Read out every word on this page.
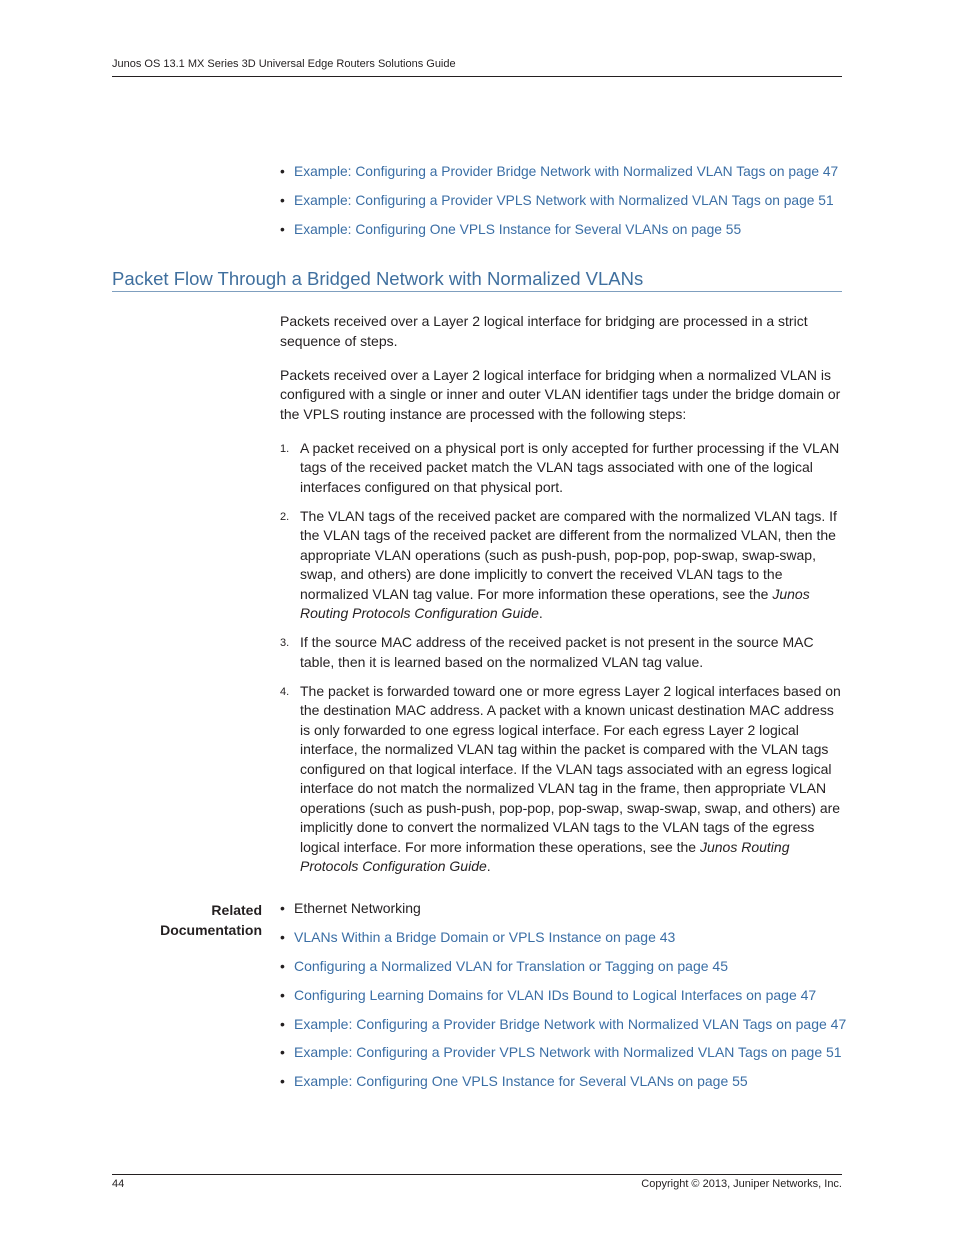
Junos OS 13.1 MX Series 3D Universal Edge Routers Solutions Guide
• Example: Configuring a Provider Bridge Network with Normalized VLAN Tags on page 47
• Example: Configuring a Provider VPLS Network with Normalized VLAN Tags on page 51
• Example: Configuring One VPLS Instance for Several VLANs on page 55
Packet Flow Through a Bridged Network with Normalized VLANs

Packets received over a Layer 2 logical interface for bridging are processed in a strict sequence of steps.

Packets received over a Layer 2 logical interface for bridging when a normalized VLAN is configured with a single or inner and outer VLAN identifier tags under the bridge domain or the VPLS routing instance are processed with the following steps:

1. A packet received on a physical port is only accepted for further processing if the VLAN tags of the received packet match the VLAN tags associated with one of the logical interfaces configured on that physical port.
2. The VLAN tags of the received packet are compared with the normalized VLAN tags. If the VLAN tags of the received packet are different from the normalized VLAN, then the appropriate VLAN operations (such as push-push, pop-pop, pop-swap, swap-swap, swap, and others) are done implicitly to convert the received VLAN tags to the normalized VLAN tag value. For more information these operations, see the Junos Routing Protocols Configuration Guide.
3. If the source MAC address of the received packet is not present in the source MAC table, then it is learned based on the normalized VLAN tag value.
4. The packet is forwarded toward one or more egress Layer 2 logical interfaces based on the destination MAC address. A packet with a known unicast destination MAC address is only forwarded to one egress logical interface. For each egress Layer 2 logical interface, the normalized VLAN tag within the packet is compared with the VLAN tags configured on that logical interface. If the VLAN tags associated with an egress logical interface do not match the normalized VLAN tag in the frame, then appropriate VLAN operations (such as push-push, pop-pop, pop-swap, swap-swap, swap, and others) are implicitly done to convert the normalized VLAN tags to the VLAN tags of the egress logical interface. For more information these operations, see the Junos Routing Protocols Configuration Guide.
Related
Documentation
• Ethernet Networking
• VLANs Within a Bridge Domain or VPLS Instance on page 43
• Configuring a Normalized VLAN for Translation or Tagging on page 45
• Configuring Learning Domains for VLAN IDs Bound to Logical Interfaces on page 47
• Example: Configuring a Provider Bridge Network with Normalized VLAN Tags on page 47
• Example: Configuring a Provider VPLS Network with Normalized VLAN Tags on page 51
• Example: Configuring One VPLS Instance for Several VLANs on page 55
44	Copyright © 2013, Juniper Networks, Inc.
